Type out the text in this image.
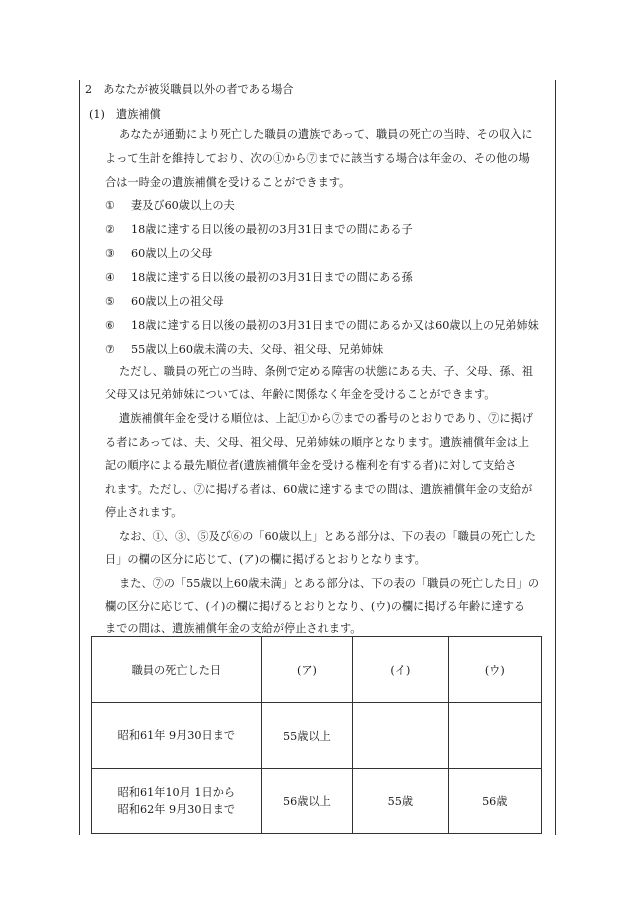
2　あなたが被災職員以外の者である場合
(1)　遺族補償
あなたが通勤により死亡した職員の遺族であって、職員の死亡の当時、その収入に
よって生計を維持しており、次の①から⑦までに該当する場合は年金の、その他の場
合は一時金の遺族補償を受けることができます。
① 妻及び60歳以上の夫
② 18歳に達する日以後の最初の3月31日までの間にある子
③ 60歳以上の父母
④ 18歳に達する日以後の最初の3月31日までの間にある孫
⑤ 60歳以上の祖父母
⑥ 18歳に達する日以後の最初の3月31日までの間にあるか又は60歳以上の兄弟姉妹
⑦ 55歳以上60歳未満の夫、父母、祖父母、兄弟姉妹
ただし、職員の死亡の当時、条例で定める障害の状態にある夫、子、父母、孫、祖
父母又は兄弟姉妹については、年齢に関係なく年金を受けることができます。
遺族補償年金を受ける順位は、上記①から⑦までの番号のとおりであり、⑦に掲げ
る者にあっては、夫、父母、祖父母、兄弟姉妹の順序となります。遺族補償年金は上
記の順序による最先順位者(遺族補償年金を受ける権利を有する者)に対して支給さ
れます。ただし、⑦に掲げる者は、60歳に達するまでの間は、遺族補償年金の支給が
停止されます。
なお、①、③、⑤及び⑥の「60歳以上」とある部分は、下の表の「職員の死亡した
日」の欄の区分に応じて、(ア)の欄に掲げるとおりとなります。
また、⑦の「55歳以上60歳未満」とある部分は、下の表の「職員の死亡した日」の
欄の区分に応じて、(イ)の欄に掲げるとおりとなり、(ウ)の欄に掲げる年齢に達する
までの間は、遺族補償年金の支給が停止されます。
職員の死亡した日	(ア)	(イ)	(ウ)

昭和61年 9月30日まで	55歳以上		

昭和61年10月 1日から
昭和62年 9月30日まで	56歳以上	55歳	56歳
